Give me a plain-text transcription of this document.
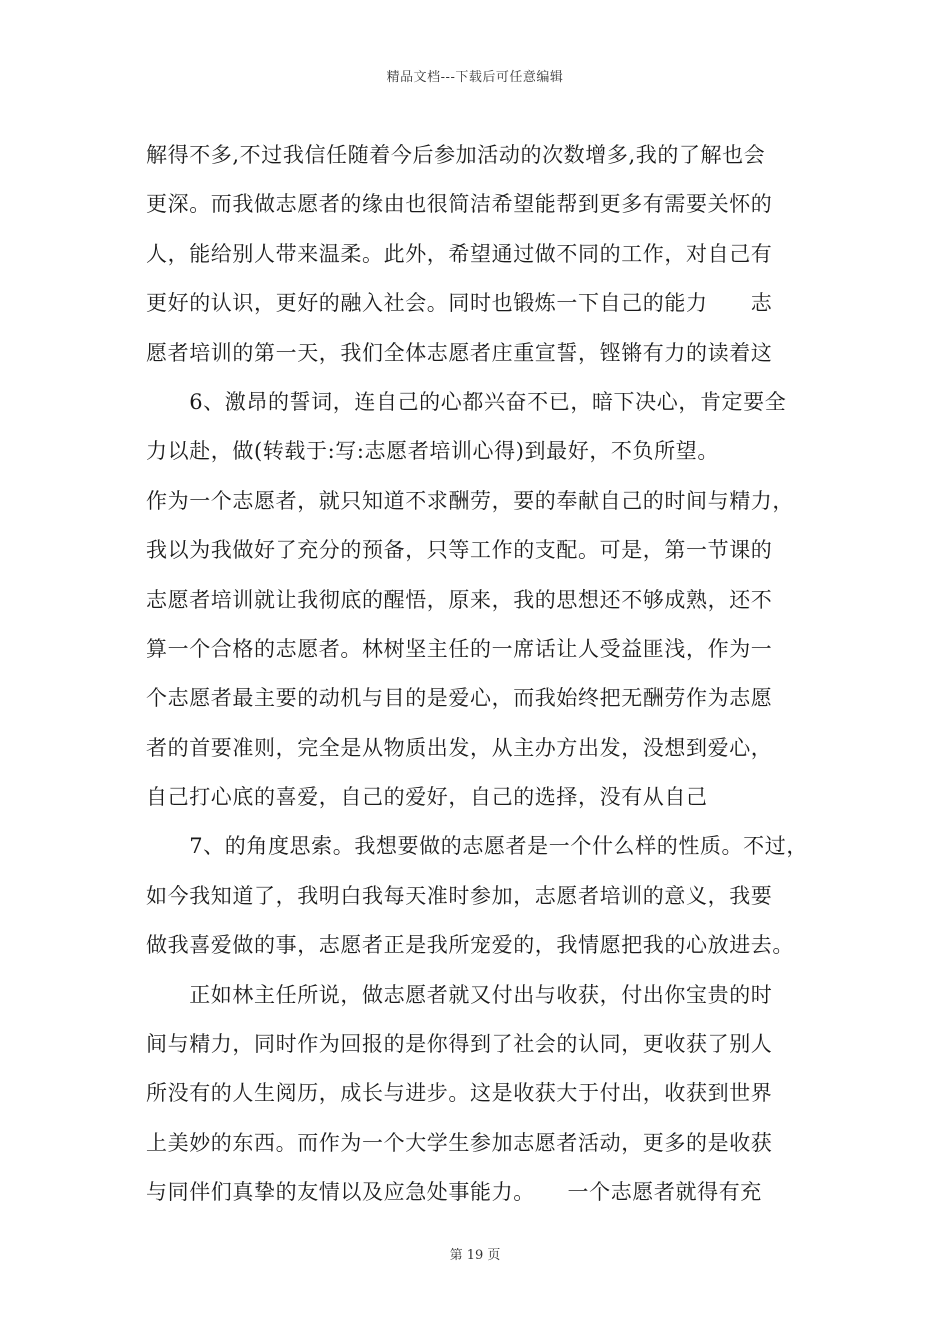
精品文档---下载后可任意编辑
解得不多,不过我信任随着今后参加活动的次数增多,我的了解也会
更深。而我做志愿者的缘由也很简洁希望能帮到更多有需要关怀的
人，能给别人带来温柔。此外，希望通过做不同的工作，对自己有
更好的认识，更好的融入社会。同时也锻炼一下自己的能力　　志
愿者培训的第一天，我们全体志愿者庄重宣誓，铿锵有力的读着这
　　6、激昂的誓词，连自己的心都兴奋不已，暗下决心，肯定要全
力以赴，做(转载于:写:志愿者培训心得)到最好，不负所望。
作为一个志愿者，就只知道不求酬劳，要的奉献自己的时间与精力，
我以为我做好了充分的预备，只等工作的支配。可是，第一节课的
志愿者培训就让我彻底的醒悟，原来，我的思想还不够成熟，还不
算一个合格的志愿者。林树坚主任的一席话让人受益匪浅，作为一
个志愿者最主要的动机与目的是爱心，而我始终把无酬劳作为志愿
者的首要准则，完全是从物质出发，从主办方出发，没想到爱心，
自己打心底的喜爱，自己的爱好，自己的选择，没有从自己
　　7、的角度思索。我想要做的志愿者是一个什么样的性质。不过，
如今我知道了，我明白我每天准时参加，志愿者培训的意义，我要
做我喜爱做的事，志愿者正是我所宠爱的，我情愿把我的心放进去。
　　正如林主任所说，做志愿者就又付出与收获，付出你宝贵的时
间与精力，同时作为回报的是你得到了社会的认同，更收获了别人
所没有的人生阅历，成长与进步。这是收获大于付出，收获到世界
上美妙的东西。而作为一个大学生参加志愿者活动，更多的是收获
与同伴们真挚的友情以及应急处事能力。　　一个志愿者就得有充
第 19 页
